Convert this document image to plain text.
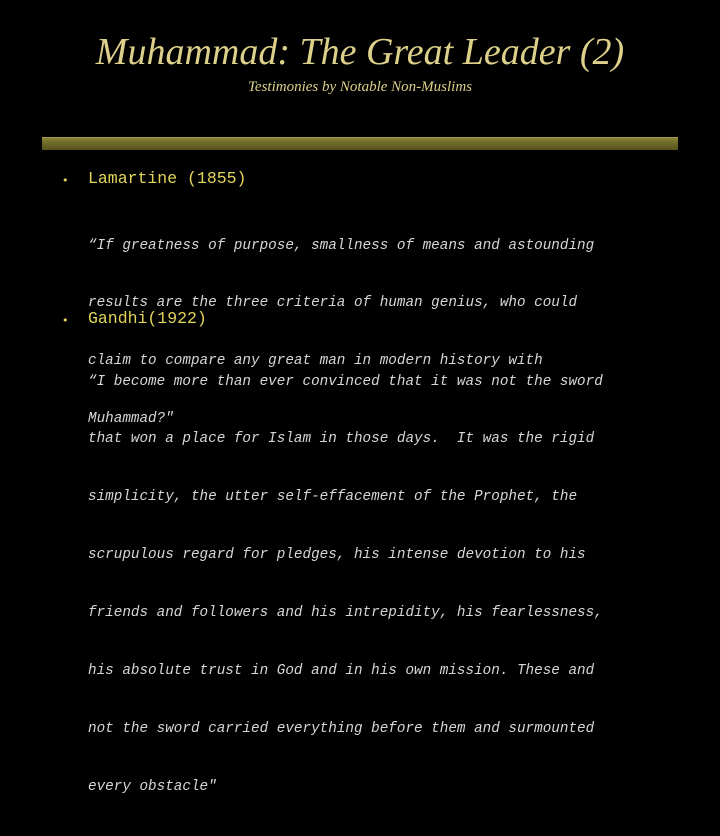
Muhammad: The Great Leader (2)
Testimonies by Notable Non-Muslims
• Lamartine (1855)

“If greatness of purpose, smallness of means and astounding

results are the three criteria of human genius, who could

claim to compare any great man in modern history with

Muhammad?"

• Gandhi(1922)

“I become more than ever convinced that it was not the sword

that won a place for Islam in those days.  It was the rigid

simplicity, the utter self-effacement of the Prophet, the

scrupulous regard for pledges, his intense devotion to his

friends and followers and his intrepidity, his fearlessness,

his absolute trust in God and in his own mission. These and

not the sword carried everything before them and surmounted

every obstacle"
